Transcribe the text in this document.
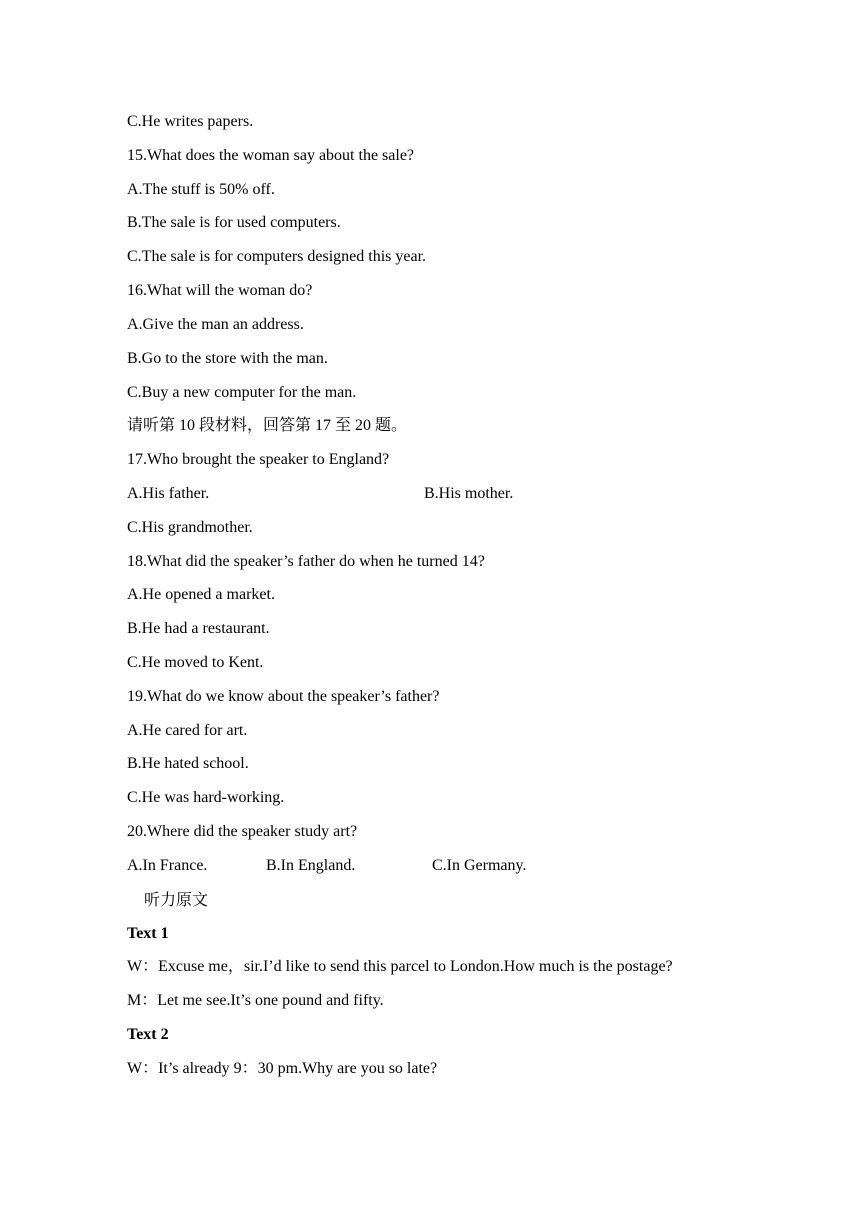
C.He writes papers.
15.What does the woman say about the sale?
A.The stuff is 50% off.
B.The sale is for used computers.
C.The sale is for computers designed this year.
16.What will the woman do?
A.Give the man an address.
B.Go to the store with the man.
C.Buy a new computer for the man.
请听第 10 段材料，回答第 17 至 20 题。
17.Who brought the speaker to England?
A.His father.	B.His mother.
C.His grandmother.
18.What did the speaker’s father do when he turned 14?
A.He opened a market.
B.He had a restaurant.
C.He moved to Kent.
19.What do we know about the speaker’s father?
A.He cared for art.
B.He hated school.
C.He was hard-working.
20.Where did the speaker study art?
A.In France.	B.In England.	C.In Germany.
听力原文
Text 1
W：Excuse me，sir.I’d like to send this parcel to London.How much is the postage?
M：Let me see.It’s one pound and fifty.
Text 2
W：It’s already 9：30 pm.Why are you so late?
